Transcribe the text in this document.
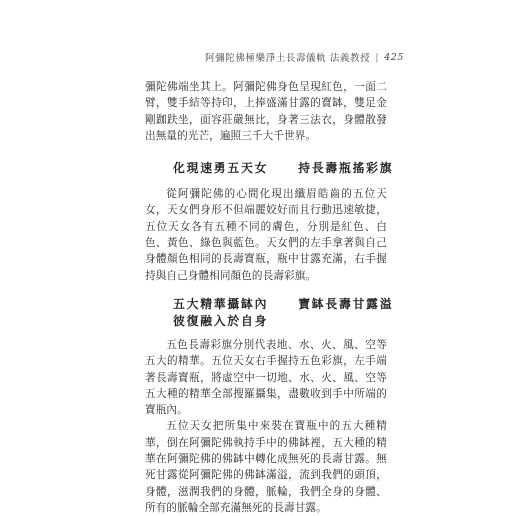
阿彌陀佛極樂淨土長壽儀軌 法義教授 | 425

彌陀佛端坐其上。阿彌陀佛身色呈現紅色，一面二臂，雙手結等持印，上捧盛滿甘露的寶缽，雙足金剛跏趺坐，面容莊嚴無比，身著三法衣，身體散發出無量的光芒，遍照三千大千世界。

化現速勇五天女	持長壽瓶搖彩旗

從阿彌陀佛的心間化現出纖眉皓齒的五位天女，天女們身形不但端麗姣好而且行動迅速敏捷，五位天女各有五種不同的膚色，分別是紅色、白色、黃色、綠色與藍色。天女們的左手拿著與自己身體顏色相同的長壽寶瓶，瓶中甘露充滿，右手握持與自己身體相同顏色的長壽彩旗。

五大精華攝缽內	寶缽長壽甘露溢

彼復融入於自身

五色長壽彩旗分別代表地、水、火、風、空等五大的精華。五位天女右手握持五色彩旗，左手端著長壽寶瓶，將虛空中一切地、水、火、風、空等五大種的精華全部搜羅攝集，盡數收到手中所端的寶瓶內。

五位天女把所集中來裝在寶瓶中的五大種精華，倒在阿彌陀佛執持手中的佛缽裡，五大種的精華在阿彌陀佛的佛缽中轉化成無死的長壽甘露。無死甘露從阿彌陀佛的佛缽滿溢，流到我們的頭頂，身體，滋潤我們的身體，脈輪，我們全身的身體、所有的脈輪全部充滿無死的長壽甘露。
